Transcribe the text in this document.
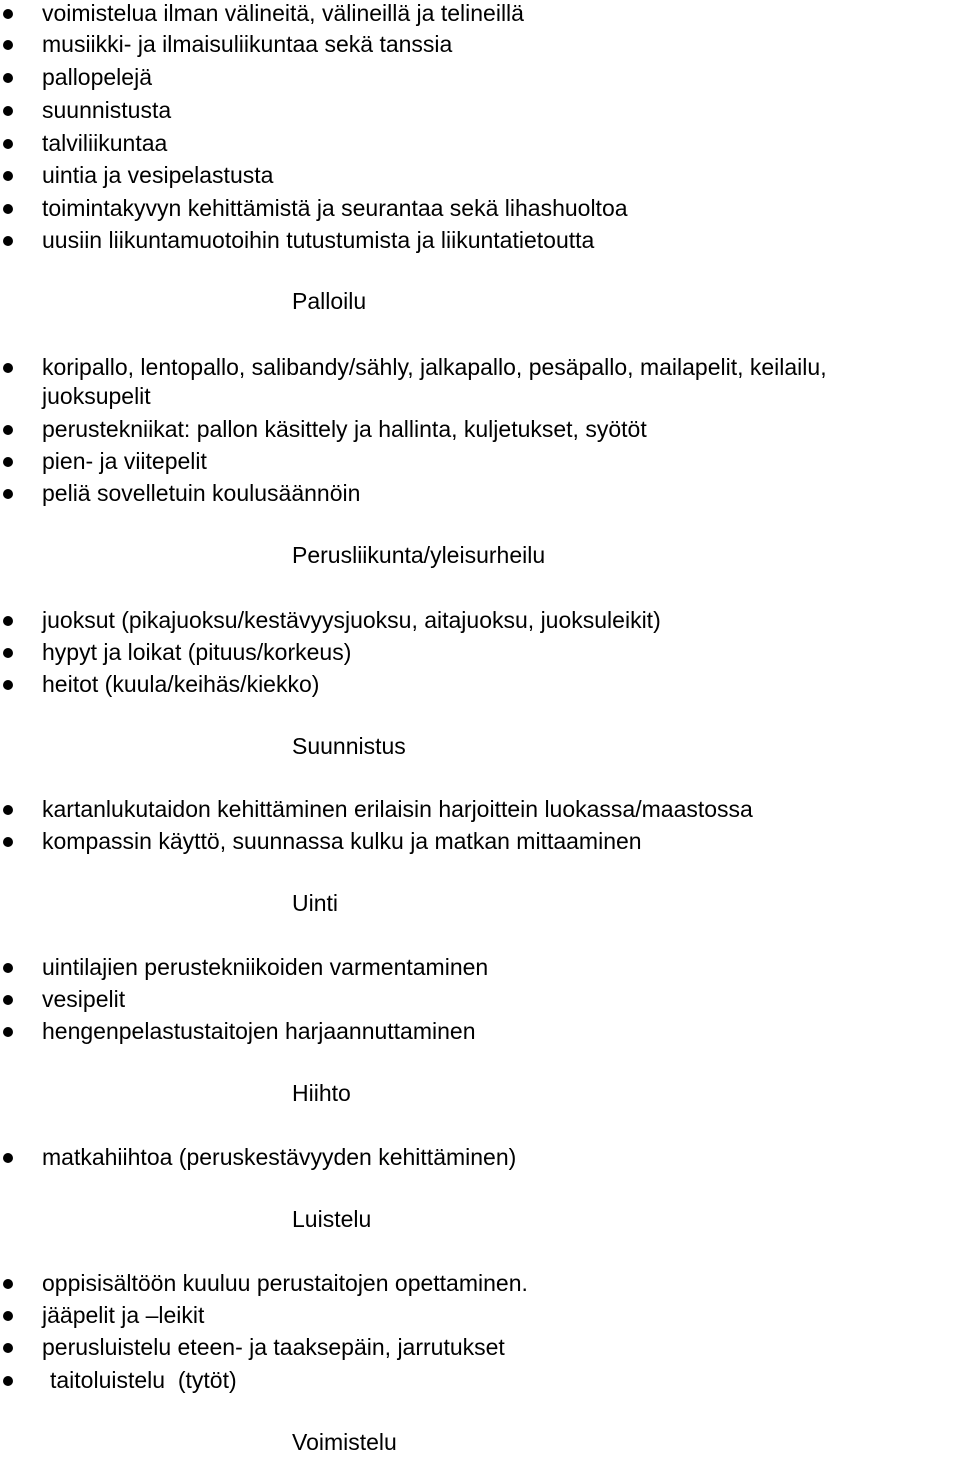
voimistelua ilman välineitä, välineillä ja telineillä
musiikki- ja ilmaisuliikuntaa sekä tanssia
pallopelejä
suunnistusta
talviliikuntaa
uintia ja vesipelastusta
toimintakyvyn kehittämistä ja seurantaa sekä lihashuoltoa
uusiin liikuntamuotoihin tutustumista ja liikuntatietoutta
Palloilu
koripallo, lentopallo, salibandy/sähly, jalkapallo, pesäpallo, mailapelit, keilailu,
juoksupelit
perustekniikat: pallon käsittely ja hallinta, kuljetukset, syötöt
pien- ja viitepelit
peliä sovelletuin koulusäännöin
Perusliikunta/yleisurheilu
juoksut (pikajuoksu/kestävyysjuoksu, aitajuoksu, juoksuleikit)
hypyt ja loikat (pituus/korkeus)
heitot (kuula/keihäs/kiekko)
Suunnistus
kartanlukutaidon kehittäminen erilaisin harjoittein luokassa/maastossa
kompassin käyttö, suunnassa kulku ja matkan mittaaminen
Uinti
uintilajien perustekniikoiden varmentaminen
vesipelit
hengenpelastustaitojen harjaannuttaminen
Hiihto
matkahiihtoa (peruskestävyyden kehittäminen)
Luistelu
oppisisältöön kuuluu perustaitojen opettaminen.
jääpelit ja –leikit
perusluistelu eteen- ja taaksepäin, jarrutukset
taitoluistelu  (tytöt)
Voimistelu
